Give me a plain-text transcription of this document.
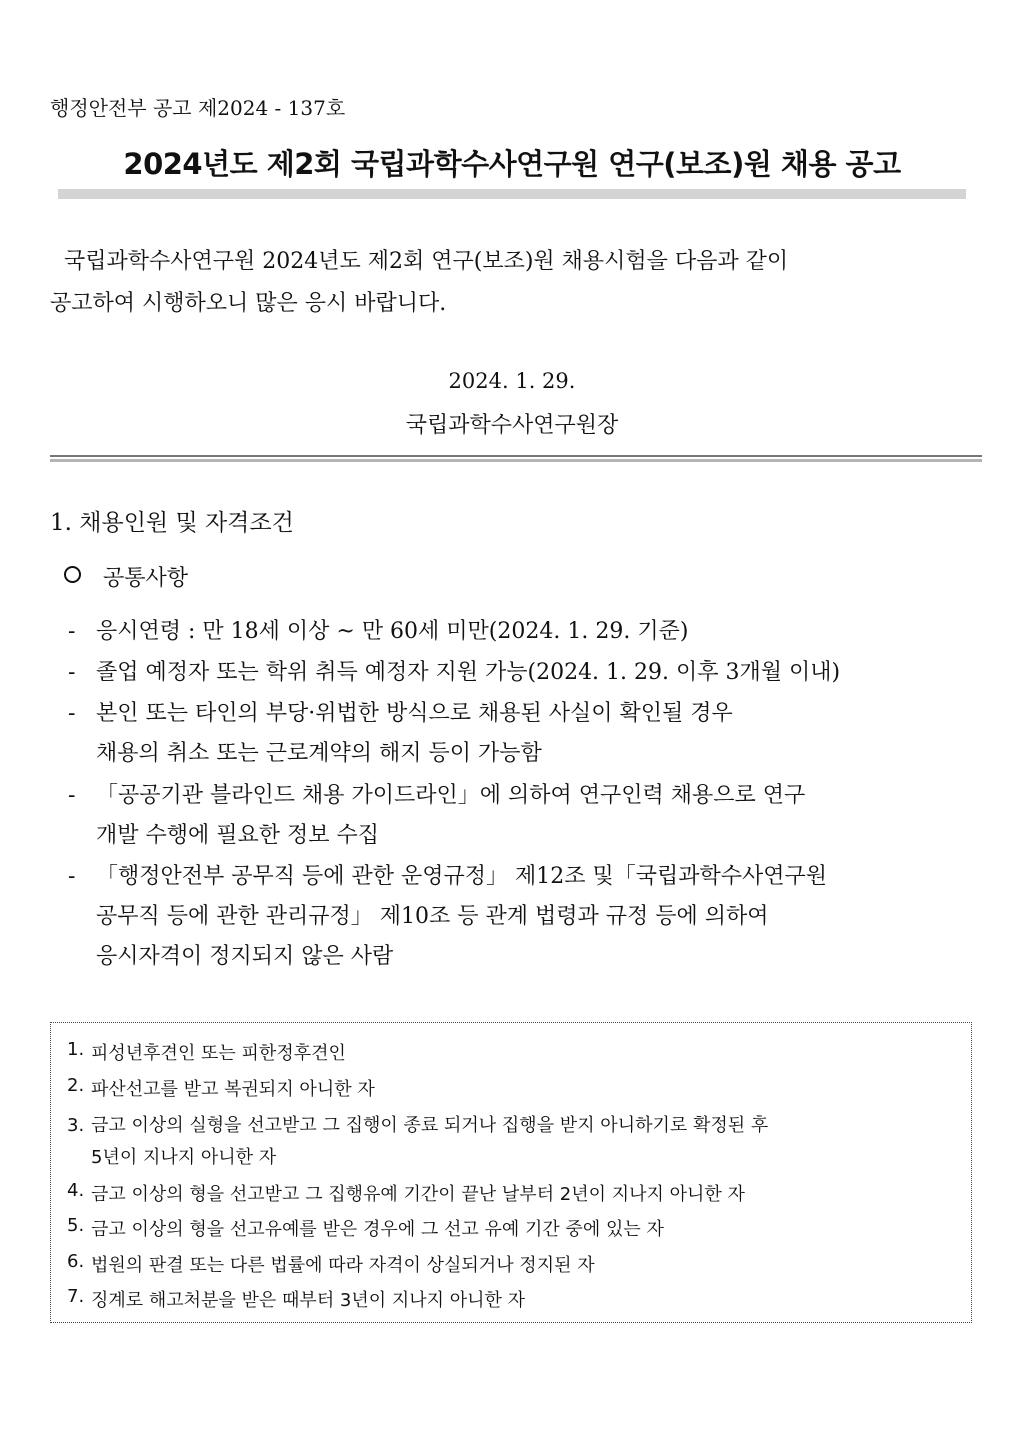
행정안전부 공고 제2024 - 137호
2024년도 제2회 국립과학수사연구원 연구(보조)원 채용 공고
국립과학수사연구원 2024년도 제2회 연구(보조)원 채용시험을 다음과 같이
공고하여 시행하오니 많은 응시 바랍니다.
2024. 1. 29.
국립과학수사연구원장
1. 채용인원 및 자격조건
공통사항
- 응시연령 : 만 18세 이상 ~ 만 60세 미만(2024. 1. 29. 기준)
- 졸업 예정자 또는 학위 취득 예정자 지원 가능(2024. 1. 29. 이후 3개월 이내)
- 본인 또는 타인의 부당·위법한 방식으로 채용된 사실이 확인될 경우
채용의 취소 또는 근로계약의 해지 등이 가능함
- 「공공기관 블라인드 채용 가이드라인」에 의하여 연구인력 채용으로 연구
개발 수행에 필요한 정보 수집
- 「행정안전부 공무직 등에 관한 운영규정」 제12조 및「국립과학수사연구원
공무직 등에 관한 관리규정」 제10조 등 관계 법령과 규정 등에 의하여
응시자격이 정지되지 않은 사람
1. 피성년후견인 또는 피한정후견인
2. 파산선고를 받고 복권되지 아니한 자
3. 금고 이상의 실형을 선고받고 그 집행이 종료 되거나 집행을 받지 아니하기로 확정된 후
5년이 지나지 아니한 자
4. 금고 이상의 형을 선고받고 그 집행유예 기간이 끝난 날부터 2년이 지나지 아니한 자
5. 금고 이상의 형을 선고유예를 받은 경우에 그 선고 유예 기간 중에 있는 자
6. 법원의 판결 또는 다른 법률에 따라 자격이 상실되거나 정지된 자
7. 징계로 해고처분을 받은 때부터 3년이 지나지 아니한 자
